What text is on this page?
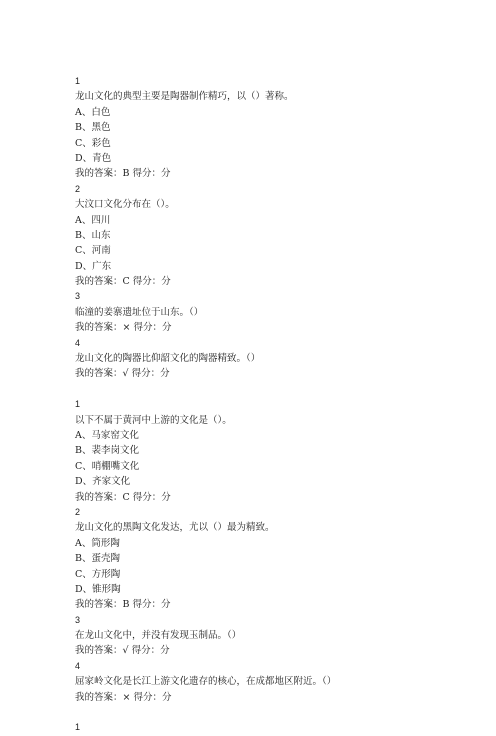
1
龙山文化的典型主要是陶器制作精巧，以（）著称。
A、白色
B、黑色
C、彩色
D、青色
我的答案：B 得分：分
2
大汶口文化分布在（）。
A、四川
B、山东
C、河南
D、广东
我的答案：C 得分：分
3
临潼的姜寨遗址位于山东。（）
我的答案：× 得分：分
4
龙山文化的陶器比仰韶文化的陶器精致。（）
我的答案：√ 得分：分
1
以下不属于黄河中上游的文化是（）。
A、马家窑文化
B、裴李岗文化
C、哨棚嘴文化
D、齐家文化
我的答案：C 得分：分
2
龙山文化的黑陶文化发达，尤以（）最为精致。
A、筒形陶
B、蛋壳陶
C、方形陶
D、锥形陶
我的答案：B 得分：分
3
在龙山文化中，并没有发现玉制品。（）
我的答案：√ 得分：分
4
屈家岭文化是长江上游文化遗存的核心，在成都地区附近。（）
我的答案：× 得分：分
1
